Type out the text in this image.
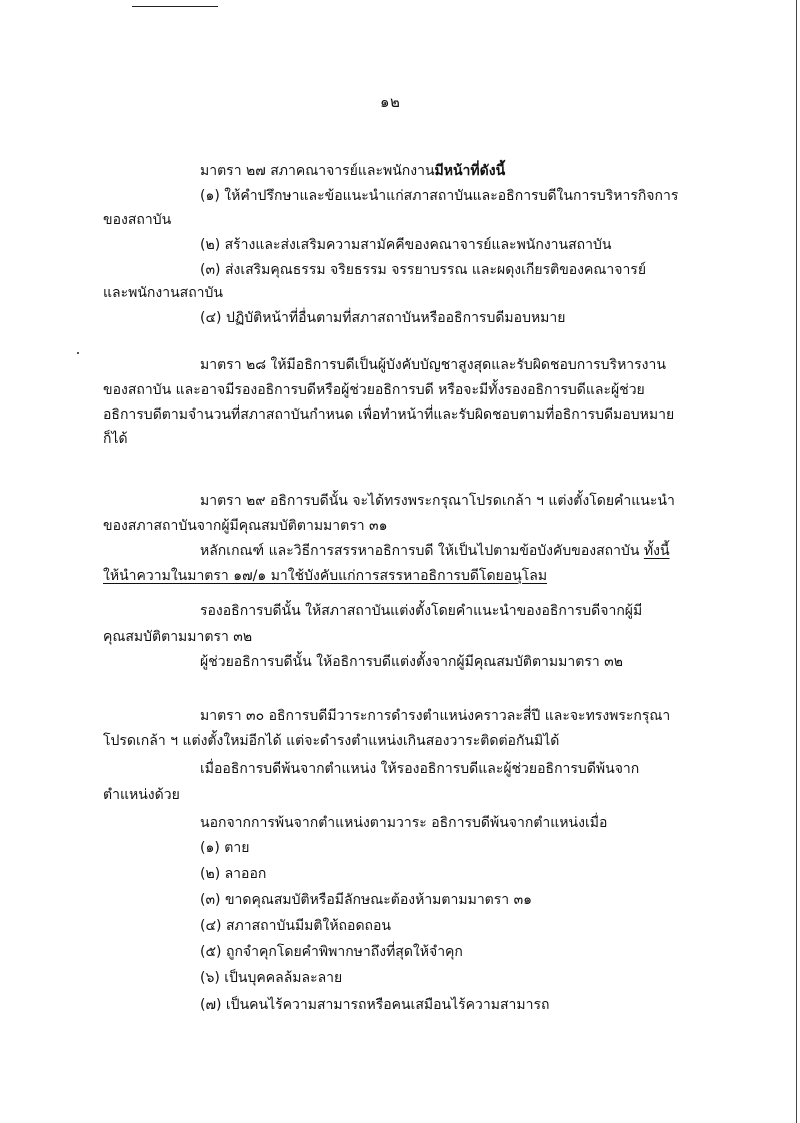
๑๒
มาตรา ๒๗ สภาคณาจารย์และพนักงานมีหน้าที่ดังนี้
(๑) ให้คำปรึกษาและข้อแนะนำแก่สภาสถาบันและอธิการบดีในการบริหารกิจการ
ของสถาบัน
(๒) สร้างและส่งเสริมความสามัคคีของคณาจารย์และพนักงานสถาบัน
(๓) ส่งเสริมคุณธรรม จริยธรรม จรรยาบรรณ และผดุงเกียรติของคณาจารย์
และพนักงานสถาบัน
(๔) ปฏิบัติหน้าที่อื่นตามที่สภาสถาบันหรืออธิการบดีมอบหมาย
มาตรา ๒๘ ให้มีอธิการบดีเป็นผู้บังคับบัญชาสูงสุดและรับผิดชอบการบริหารงาน
ของสถาบัน และอาจมีรองอธิการบดีหรือผู้ช่วยอธิการบดี หรือจะมีทั้งรองอธิการบดีและผู้ช่วย
อธิการบดีตามจำนวนที่สภาสถาบันกำหนด เพื่อทำหน้าที่และรับผิดชอบตามที่อธิการบดีมอบหมาย
ก็ได้
มาตรา ๒๙ อธิการบดีนั้น จะได้ทรงพระกรุณาโปรดเกล้า ฯ แต่งตั้งโดยคำแนะนำ
ของสภาสถาบันจากผู้มีคุณสมบัติตามมาตรา ๓๑
หลักเกณฑ์ และวิธีการสรรหาอธิการบดี ให้เป็นไปตามข้อบังคับของสถาบัน ทั้งนี้
ให้นำความในมาตรา ๑๗/๑ มาใช้บังคับแก่การสรรหาอธิการบดีโดยอนุโลม
รองอธิการบดีนั้น ให้สภาสถาบันแต่งตั้งโดยคำแนะนำของอธิการบดีจากผู้มี
คุณสมบัติตามมาตรา ๓๒
ผู้ช่วยอธิการบดีนั้น ให้อธิการบดีแต่งตั้งจากผู้มีคุณสมบัติตามมาตรา ๓๒
มาตรา ๓๐ อธิการบดีมีวาระการดำรงตำแหน่งคราวละสี่ปี และจะทรงพระกรุณา
โปรดเกล้า ฯ แต่งตั้งใหม่อีกได้ แต่จะดำรงตำแหน่งเกินสองวาระติดต่อกันมิได้
เมื่ออธิการบดีพ้นจากตำแหน่ง ให้รองอธิการบดีและผู้ช่วยอธิการบดีพ้นจาก
ตำแหน่งด้วย
นอกจากการพ้นจากตำแหน่งตามวาระ อธิการบดีพ้นจากตำแหน่งเมื่อ
(๑) ตาย
(๒) ลาออก
(๓) ขาดคุณสมบัติหรือมีลักษณะต้องห้ามตามมาตรา ๓๑
(๔) สภาสถาบันมีมติให้ถอดถอน
(๕) ถูกจำคุกโดยคำพิพากษาถึงที่สุดให้จำคุก
(๖) เป็นบุคคลล้มละลาย
(๗) เป็นคนไร้ความสามารถหรือคนเสมือนไร้ความสามารถ
